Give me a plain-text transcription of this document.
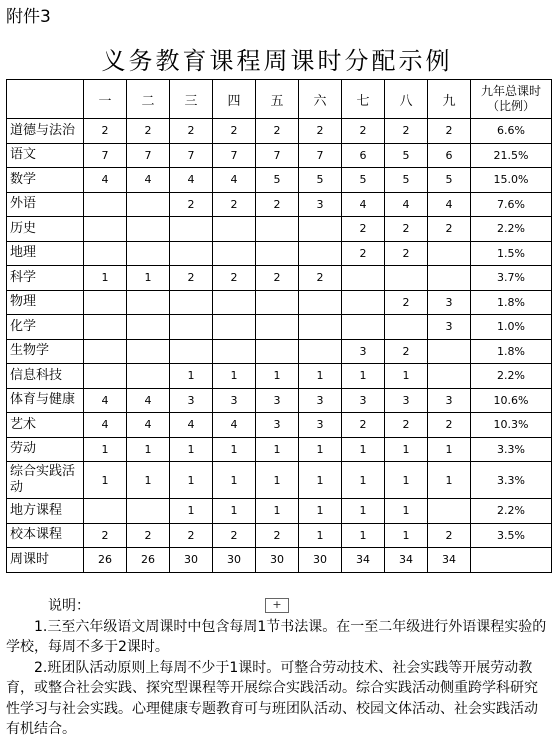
附件3
义务教育课程周课时分配示例
	一	二	三	四	五	六	七	八	九	九年总课时（比例）
道德与法治	2	2	2	2	2	2	2	2	2	6.6%
语文	7	7	7	7	7	7	6	5	6	21.5%
数学	4	4	4	4	5	5	5	5	5	15.0%
外语			2	2	2	3	4	4	4	7.6%
历史							2	2	2	2.2%
地理							2	2		1.5%
科学	1	1	2	2	2	2				3.7%
物理								2	3	1.8%
化学									3	1.0%
生物学							3	2		1.8%
信息科技			1	1	1	1	1	1		2.2%
体育与健康	4	4	3	3	3	3	3	3	3	10.6%
艺术	4	4	4	4	3	3	2	2	2	10.3%
劳动	1	1	1	1	1	1	1	1	1	3.3%
综合实践活动	1	1	1	1	1	1	1	1	1	3.3%
地方课程			1	1	1	1	1	1		2.2%
校本课程	2	2	2	2	2	1	1	1	2	3.5%
周课时	26	26	30	30	30	30	34	34	34	
说明：

1.三至六年级语文周课时中包含每周1节书法课。在一至二年级进行外语课程实验的学校，每周不多于2课时。

2.班团队活动原则上每周不少于1课时。可整合劳动技术、社会实践等开展劳动教育，或整合社会实践、探究型课程等开展综合实践活动。综合实践活动侧重跨学科研究性学习与社会实践。心理健康专题教育可与班团队活动、校园文体活动、社会实践活动有机结合。

+
